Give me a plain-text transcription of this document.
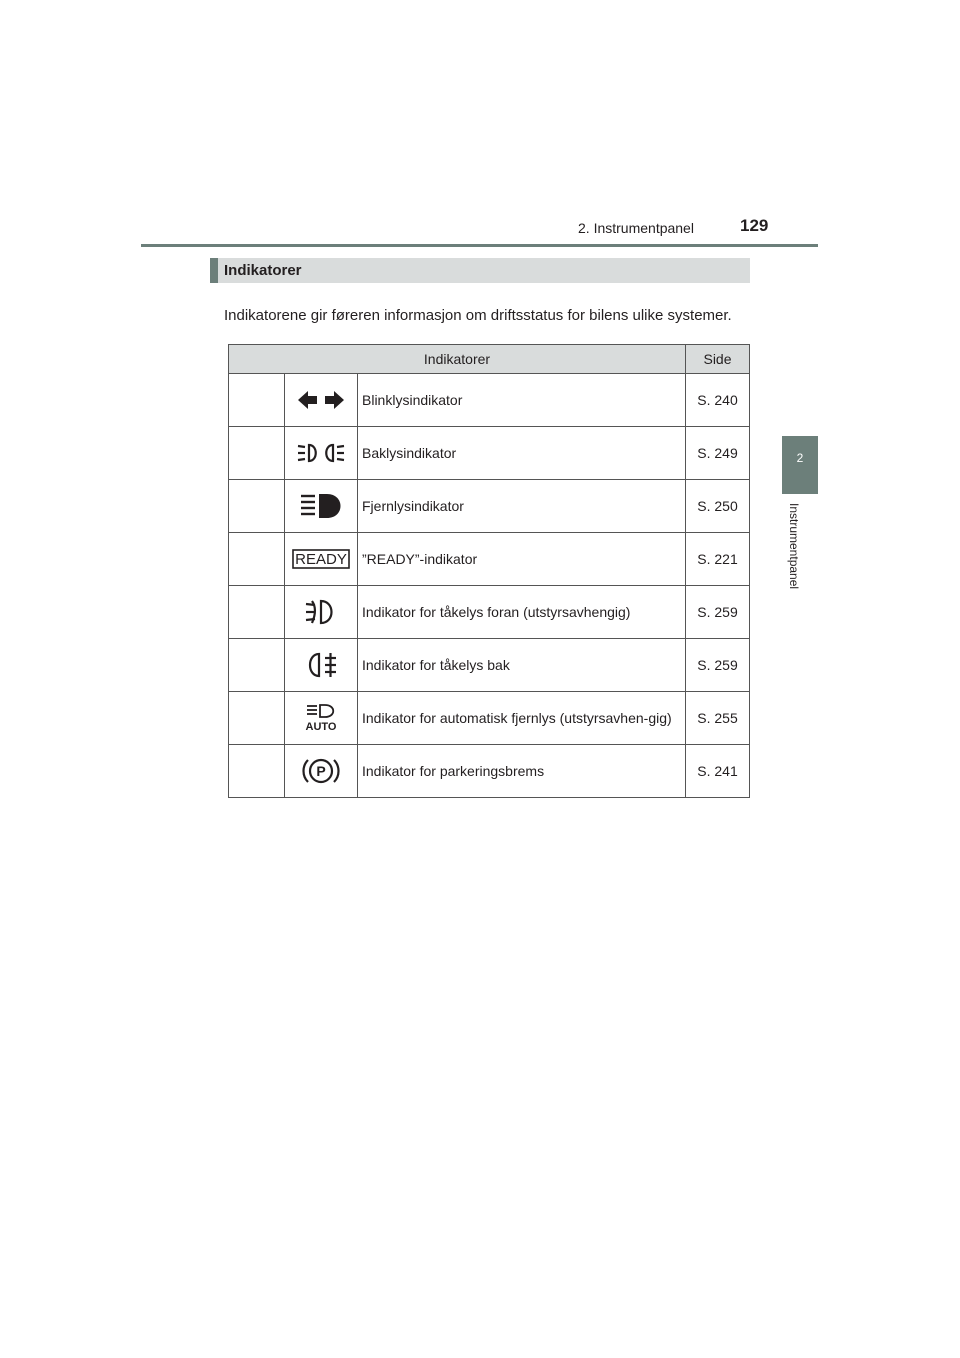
2. Instrumentpanel	129
2
Instrumentpanel
Indikatorer

Indikatorene gir føreren informasjon om driftsstatus for bilens ulike systemer.

Indikatorer			Side

	Blinklysindikator	S. 240

	Baklysindikator	S. 249

	Fjernlysindikator	S. 250

READY	”READY”-indikator	S. 221

	Indikator for tåkelys foran (utstyrsavhengig)	S. 259

	Indikator for tåkelys bak	S. 259

AUTO	Indikator for automatisk fjernlys (utstyrsavhen-gig)	S. 255

P	Indikator for parkeringsbrems	S. 241
